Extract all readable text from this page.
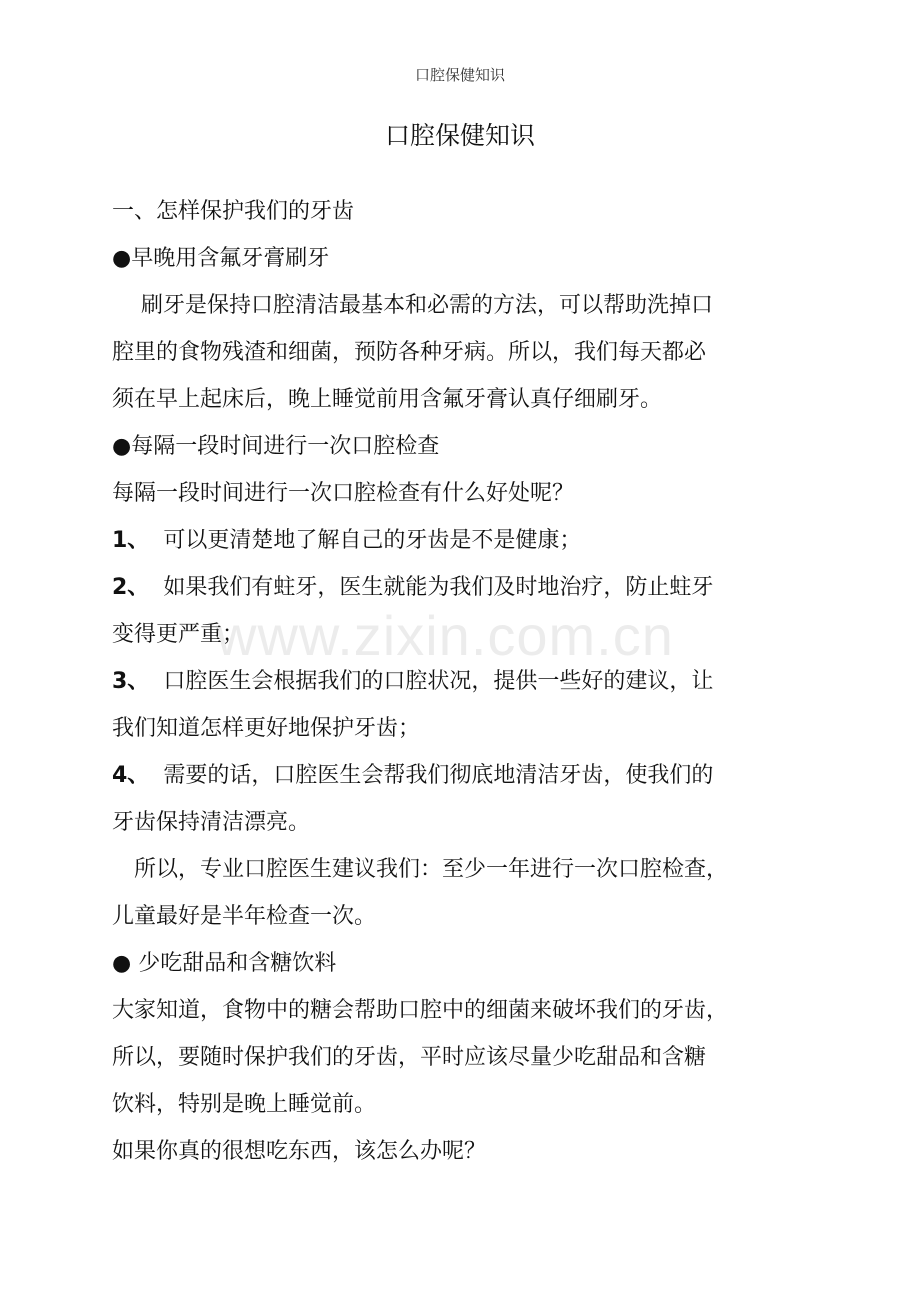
口腔保健知识
口腔保健知识
一、怎样保护我们的牙齿
●早晚用含氟牙膏刷牙
刷牙是保持口腔清洁最基本和必需的方法，可以帮助洗掉口
腔里的食物残渣和细菌，预防各种牙病。所以，我们每天都必
须在早上起床后，晚上睡觉前用含氟牙膏认真仔细刷牙。
●每隔一段时间进行一次口腔检查
每隔一段时间进行一次口腔检查有什么好处呢？
1、 可以更清楚地了解自己的牙齿是不是健康；
2、 如果我们有蛀牙，医生就能为我们及时地治疗，防止蛀牙
变得更严重；
3、 口腔医生会根据我们的口腔状况，提供一些好的建议，让
我们知道怎样更好地保护牙齿；
4、 需要的话，口腔医生会帮我们彻底地清洁牙齿，使我们的
牙齿保持清洁漂亮。
所以，专业口腔医生建议我们：至少一年进行一次口腔检查，
儿童最好是半年检查一次。
● 少吃甜品和含糖饮料
大家知道，食物中的糖会帮助口腔中的细菌来破坏我们的牙齿，
所以，要随时保护我们的牙齿，平时应该尽量少吃甜品和含糖
饮料，特别是晚上睡觉前。
如果你真的很想吃东西，该怎么办呢？
www.zixin.com.cn
